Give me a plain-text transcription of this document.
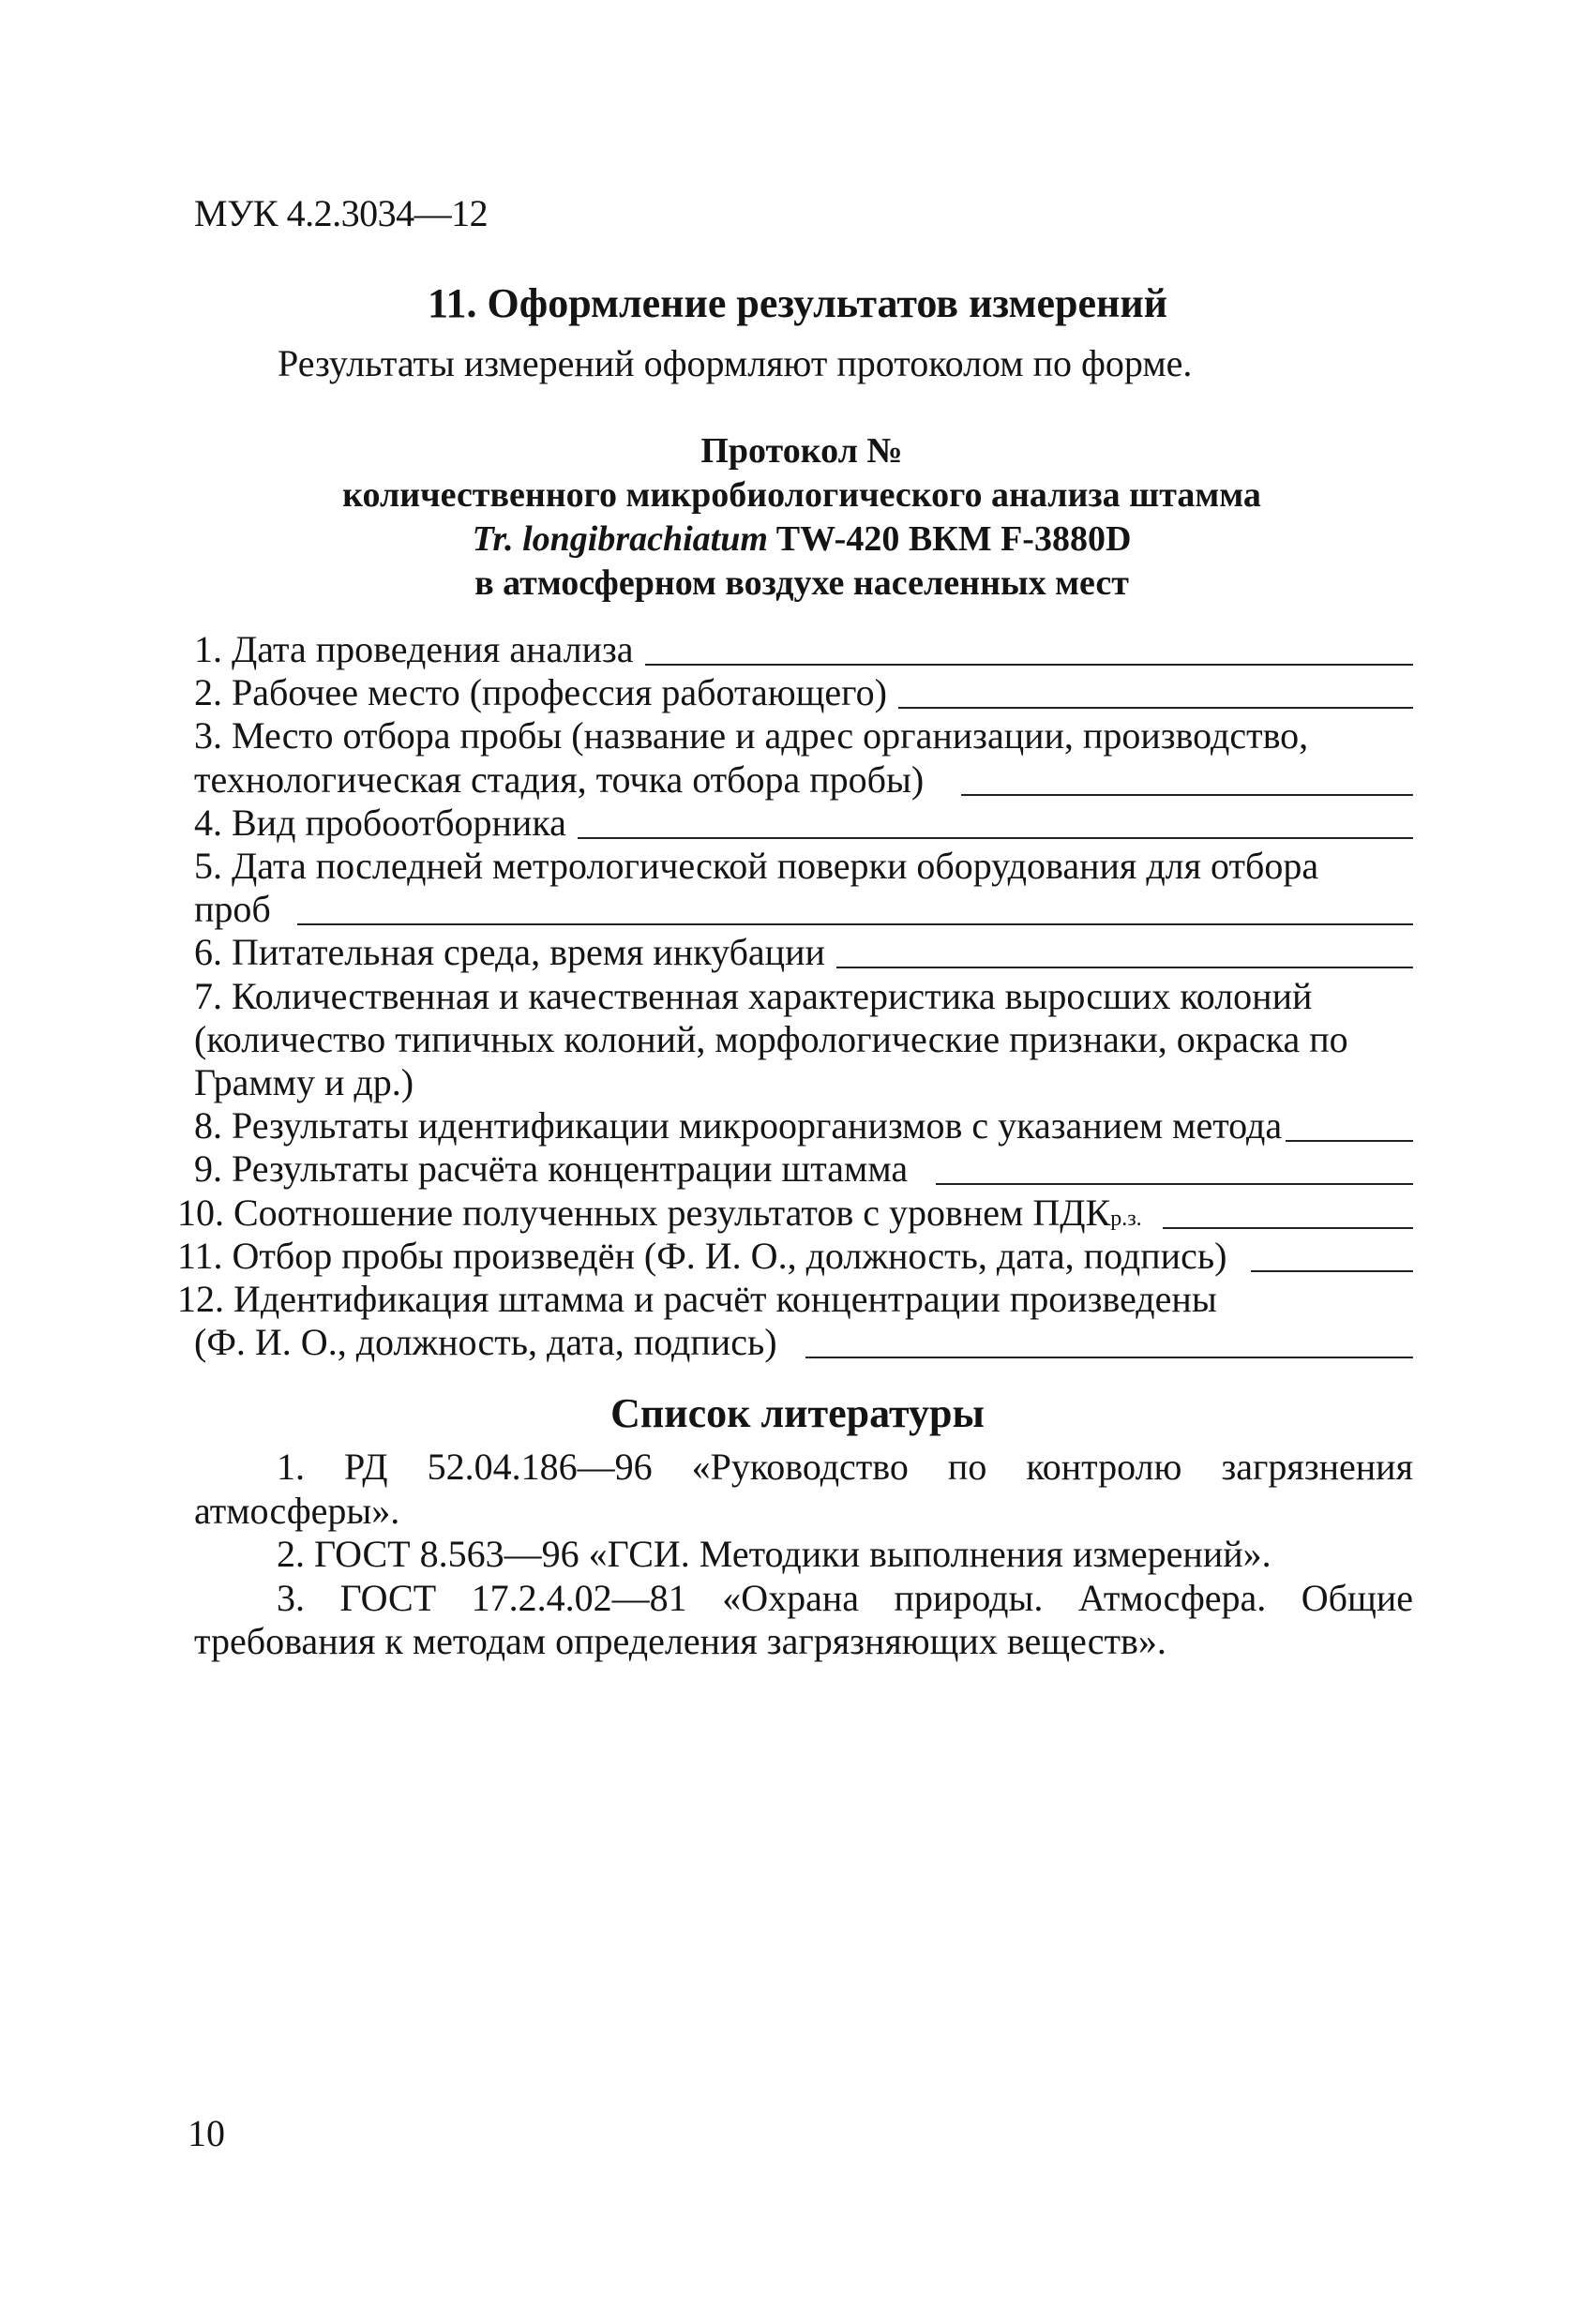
МУК 4.2.3034—12
11. Оформление результатов измерений
Результаты измерений оформляют протоколом по форме.
Протокол №
количественного микробиологического анализа штамма
Tr. longibrachiatum TW-420 ВКМ F-3880D
в атмосферном воздухе населенных мест
1. Дата проведения анализа
2. Рабочее место (профессия работающего)
3. Место отбора пробы (название и адрес организации, производство,
технологическая стадия, точка отбора пробы)
4. Вид пробоотборника
5. Дата последней метрологической поверки оборудования для отбора
проб
6. Питательная среда, время инкубации
7. Количественная и качественная характеристика выросших колоний
(количество типичных колоний, морфологические признаки, окраска по
Грамму и др.)
8. Результаты идентификации микроорганизмов с указанием метода
9. Результаты расчёта концентрации штамма
10. Соотношение полученных результатов с уровнем ПДК р.з.
11. Отбор пробы произведён (Ф. И. О., должность, дата, подпись)
12. Идентификация штамма и расчёт концентрации произведены
(Ф. И. О., должность, дата, подпись)
Список литературы
1. РД 52.04.186—96 «Руководство по контролю загрязнения атмосферы».
2. ГОСТ 8.563—96 «ГСИ. Методики выполнения измерений».
3. ГОСТ 17.2.4.02—81 «Охрана природы. Атмосфера. Общие требования к методам определения загрязняющих веществ».
10
